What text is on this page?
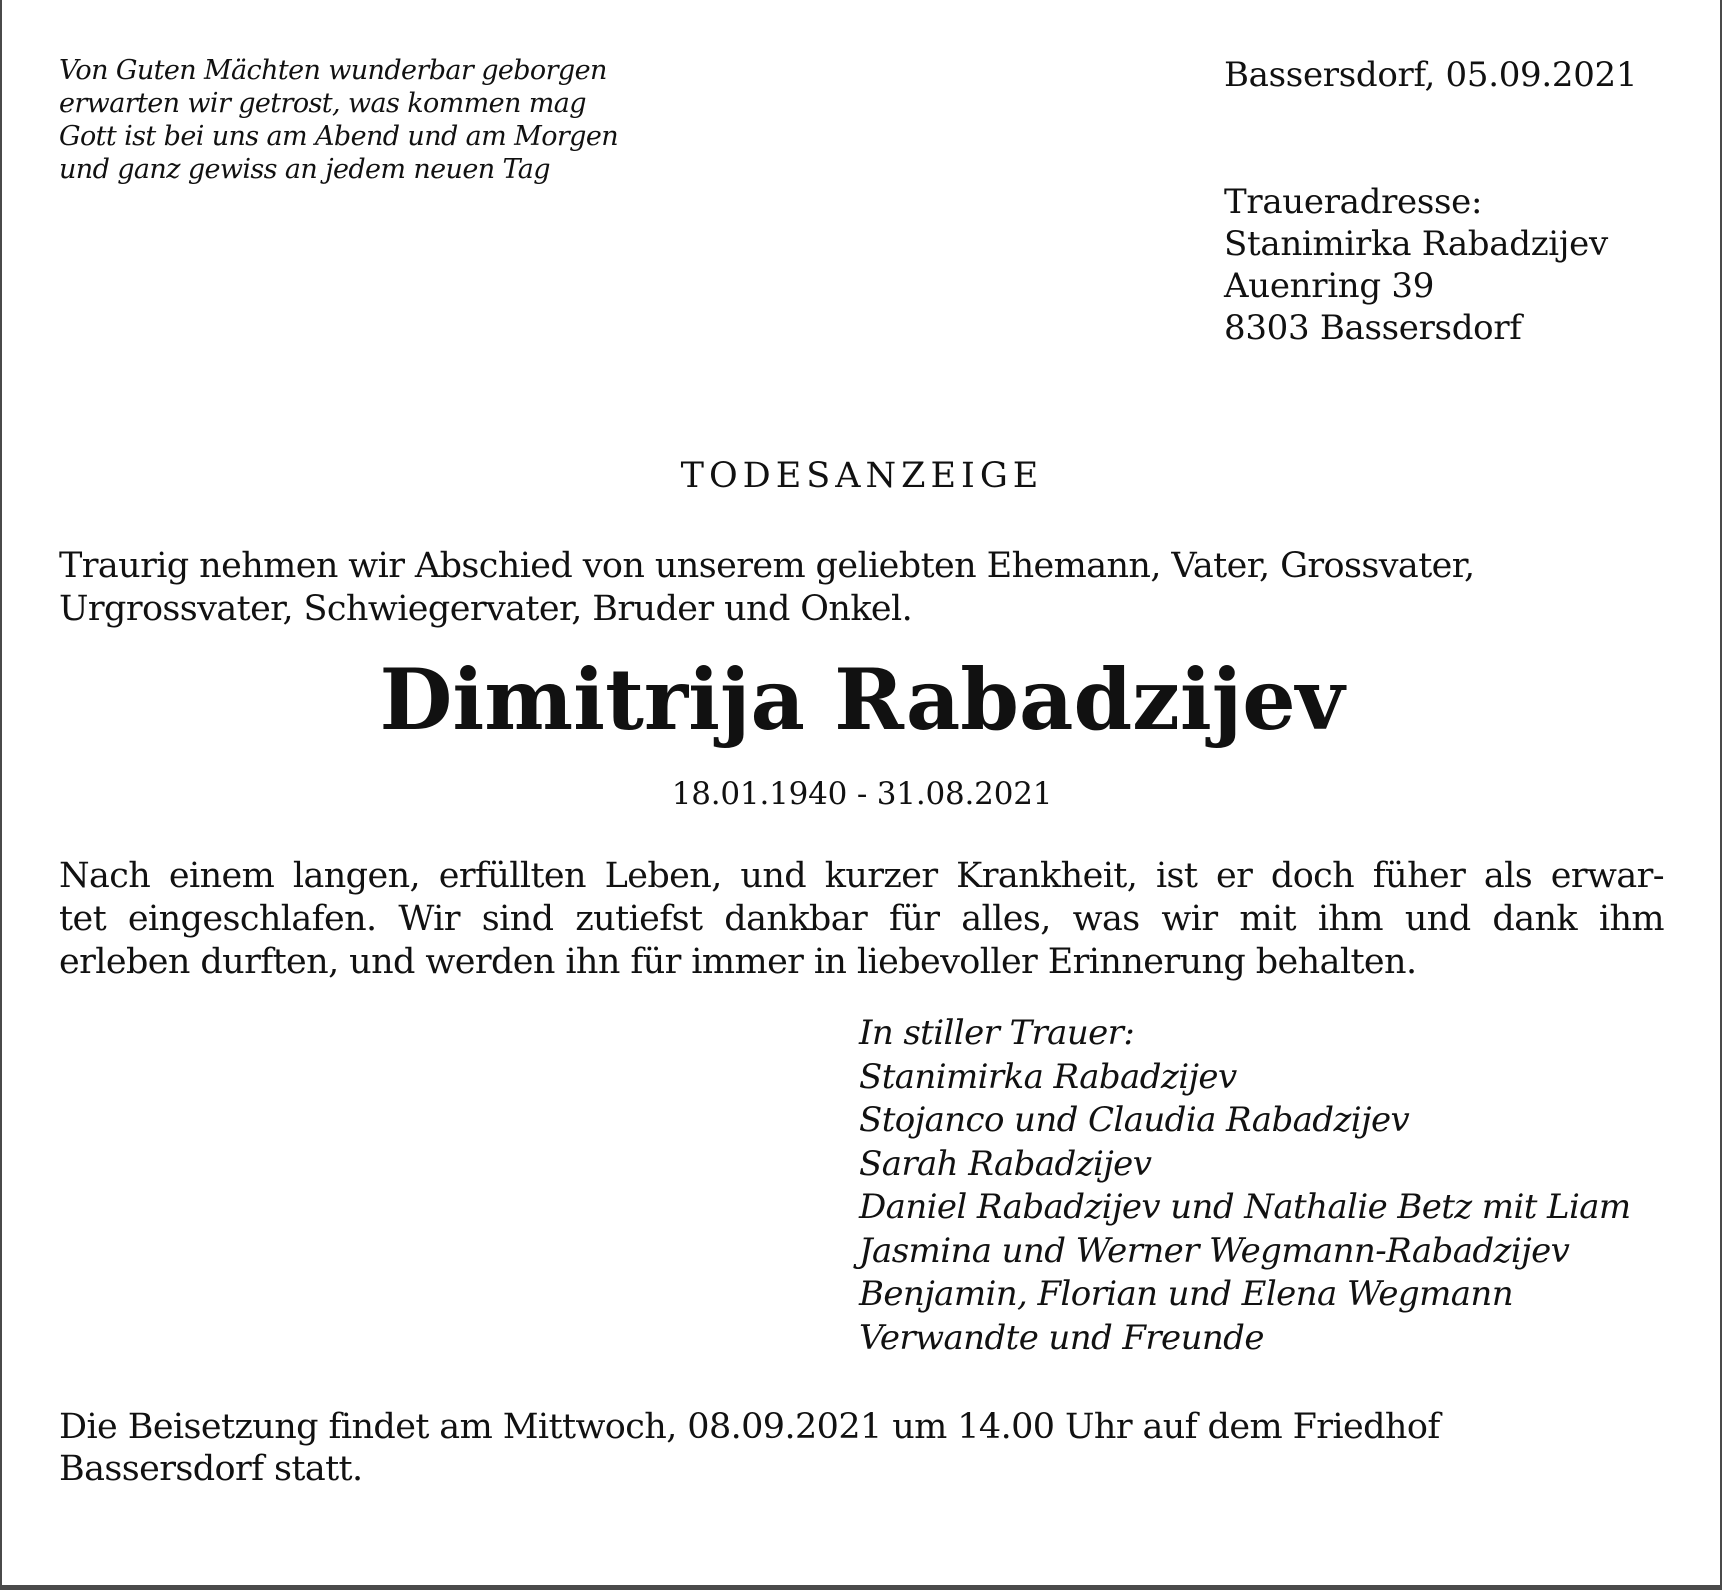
Von Guten Mächten wunderbar geborgen
erwarten wir getrost, was kommen mag
Gott ist bei uns am Abend und am Morgen
und ganz gewiss an jedem neuen Tag
Bassersdorf, 05.09.2021
Traueradresse:
Stanimirka Rabadzijev
Auenring 39
8303 Bassersdorf
TODESANZEIGE
Traurig nehmen wir Abschied von unserem geliebten Ehemann, Vater, Grossvater,
Urgrossvater, Schwiegervater, Bruder und Onkel.
Dimitrija Rabadzijev
18.01.1940 - 31.08.2021
Nach einem langen, erfüllten Leben, und kurzer Krankheit, ist er doch füher als erwar-
tet eingeschlafen. Wir sind zutiefst dankbar für alles, was wir mit ihm und dank ihm
erleben durften, und werden ihn für immer in liebevoller Erinnerung behalten.
In stiller Trauer:
Stanimirka Rabadzijev
Stojanco und Claudia Rabadzijev
Sarah Rabadzijev
Daniel Rabadzijev und Nathalie Betz mit Liam
Jasmina und Werner Wegmann-Rabadzijev
Benjamin, Florian und Elena Wegmann
Verwandte und Freunde
Die Beisetzung findet am Mittwoch, 08.09.2021 um 14.00 Uhr auf dem Friedhof
Bassersdorf statt.
